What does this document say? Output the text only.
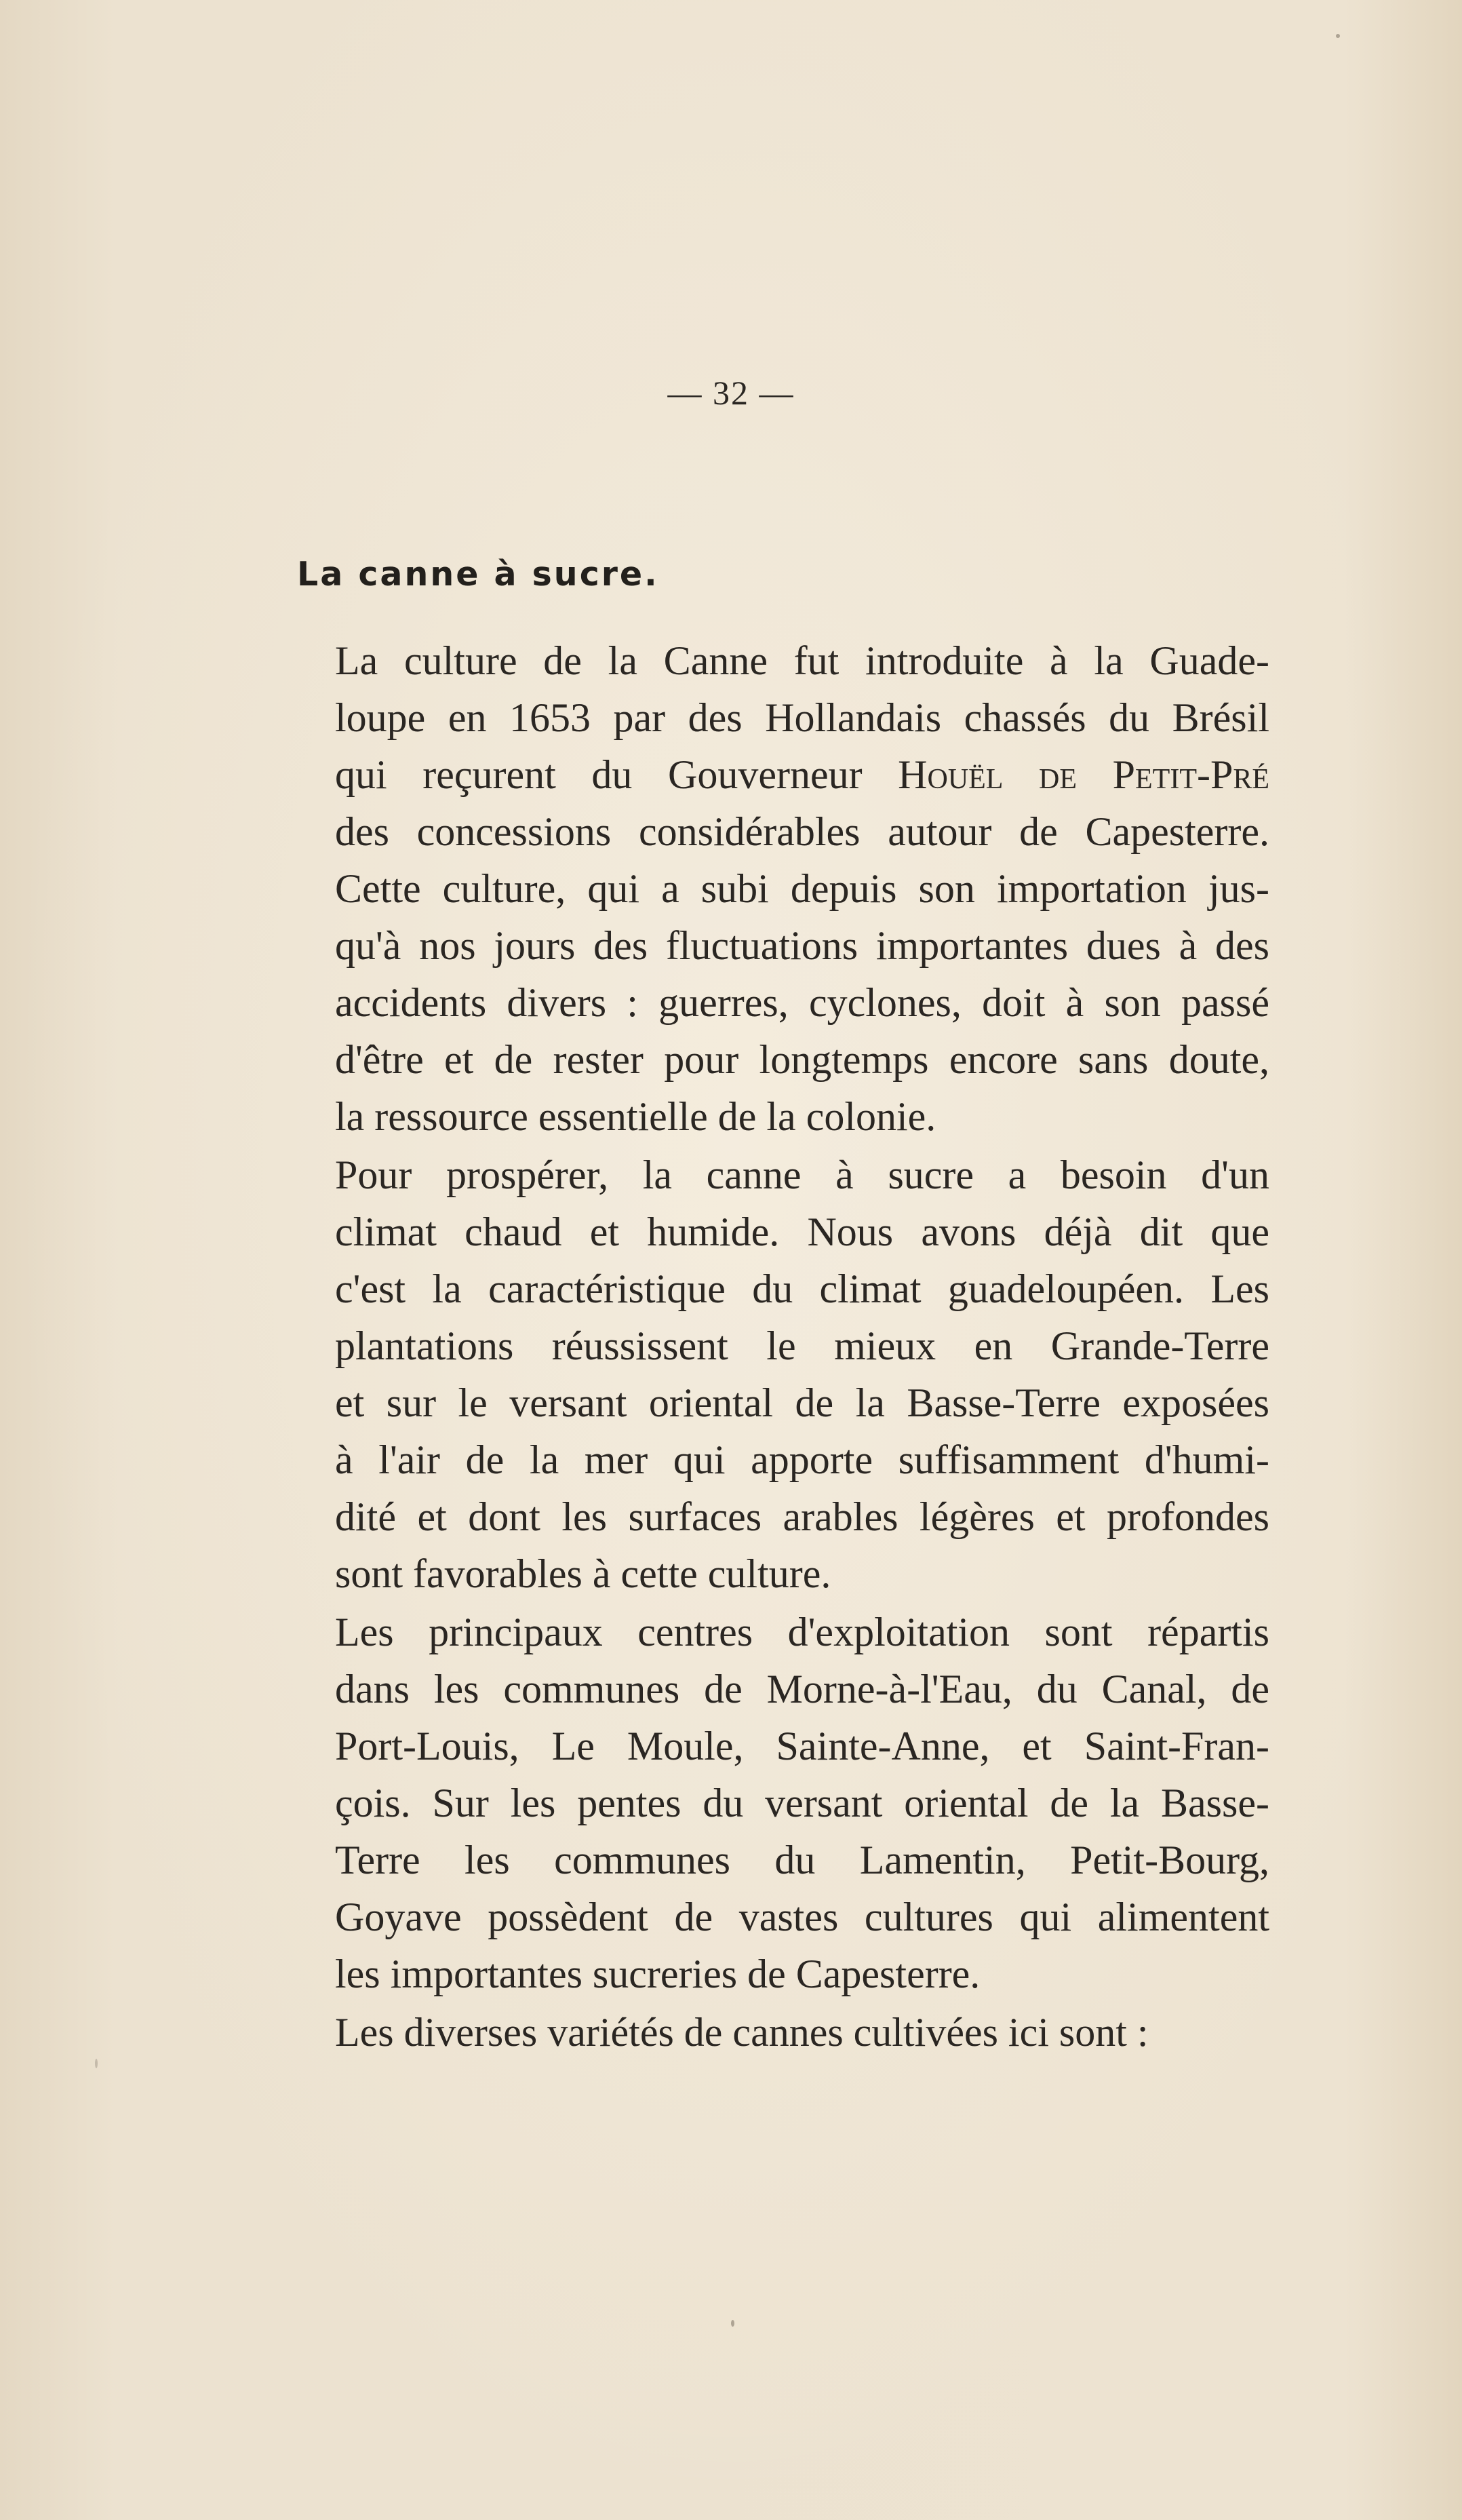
— 32 —
La canne à sucre.

La culture de la Canne fut introduite à la Guade-
loupe en 1653 par des Hollandais chassés du Brésil
qui reçurent du Gouverneur Houël de Petit-Pré
des concessions considérables autour de Capesterre.
Cette culture, qui a subi depuis son importation jus-
qu'à nos jours des fluctuations importantes dues à des
accidents divers : guerres, cyclones, doit à son passé
d'être et de rester pour longtemps encore sans doute,
la ressource essentielle de la colonie.

Pour prospérer, la canne à sucre a besoin d'un
climat chaud et humide. Nous avons déjà dit que
c'est la caractéristique du climat guadeloupéen. Les
plantations réussissent le mieux en Grande-Terre
et sur le versant oriental de la Basse-Terre exposées
à l'air de la mer qui apporte suffisamment d'humi-
dité et dont les surfaces arables légères et profondes
sont favorables à cette culture.

Les principaux centres d'exploitation sont répartis
dans les communes de Morne-à-l'Eau, du Canal, de
Port-Louis, Le Moule, Sainte-Anne, et Saint-Fran-
çois. Sur les pentes du versant oriental de la Basse-
Terre les communes du Lamentin, Petit-Bourg,
Goyave possèdent de vastes cultures qui alimentent
les importantes sucreries de Capesterre.

Les diverses variétés de cannes cultivées ici sont :
